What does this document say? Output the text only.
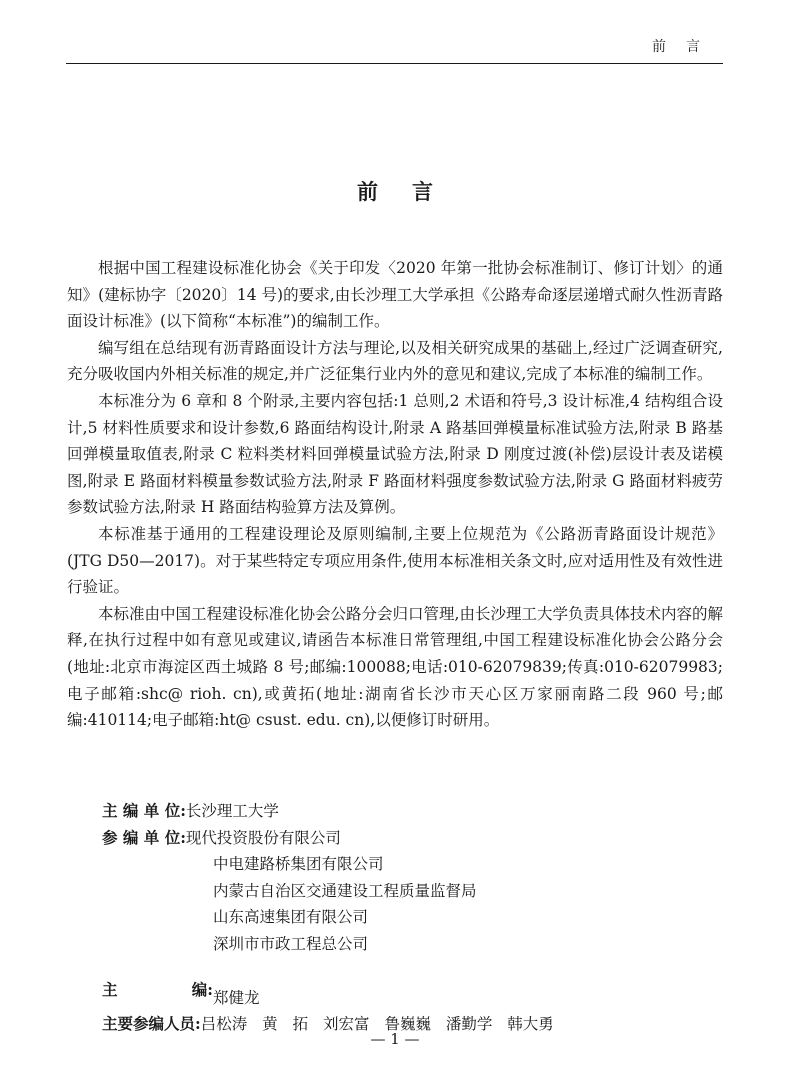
前言
前言

根据中国工程建设标准化协会《关于印发〈2020 年第一批协会标准制订、修订计划〉的通知》(建标协字〔2020〕14 号)的要求,由长沙理工大学承担《公路寿命逐层递增式耐久性沥青路面设计标准》(以下简称“本标准”)的编制工作。

编写组在总结现有沥青路面设计方法与理论,以及相关研究成果的基础上,经过广泛调查研究,充分吸收国内外相关标准的规定,并广泛征集行业内外的意见和建议,完成了本标准的编制工作。

本标准分为 6 章和 8 个附录,主要内容包括:1 总则,2 术语和符号,3 设计标准,4 结构组合设计,5 材料性质要求和设计参数,6 路面结构设计,附录 A 路基回弹模量标准试验方法,附录 B 路基回弹模量取值表,附录 C 粒料类材料回弹模量试验方法,附录 D 刚度过渡(补偿)层设计表及诺模图,附录 E 路面材料模量参数试验方法,附录 F 路面材料强度参数试验方法,附录 G 路面材料疲劳参数试验方法,附录 H 路面结构验算方法及算例。

本标准基于通用的工程建设理论及原则编制,主要上位规范为《公路沥青路面设计规范》(JTG D50—2017)。对于某些特定专项应用条件,使用本标准相关条文时,应对适用性及有效性进行验证。

本标准由中国工程建设标准化协会公路分会归口管理,由长沙理工大学负责具体技术内容的解释,在执行过程中如有意见或建议,请函告本标准日常管理组,中国工程建设标准化协会公路分会(地址:北京市海淀区西土城路 8 号;邮编:100088;电话:010-62079839;传真:010-62079983;电子邮箱:shc@ rioh. cn),或黄拓(地址:湖南省长沙市天心区万家丽南路二段 960 号;邮编:410114;电子邮箱:ht@ csust. edu. cn),以便修订时研用。

主 编 单 位:长沙理工大学
参 编 单 位:现代投资股份有限公司
中电建路桥集团有限公司
内蒙古自治区交通建设工程质量监督局
山东高速集团有限公司
深圳市市政工程总公司
主	编: 郑健龙
主要参编人员:吕松涛 黄 拓 刘宏富 鲁巍巍 潘勤学 韩大勇
— 1 —
